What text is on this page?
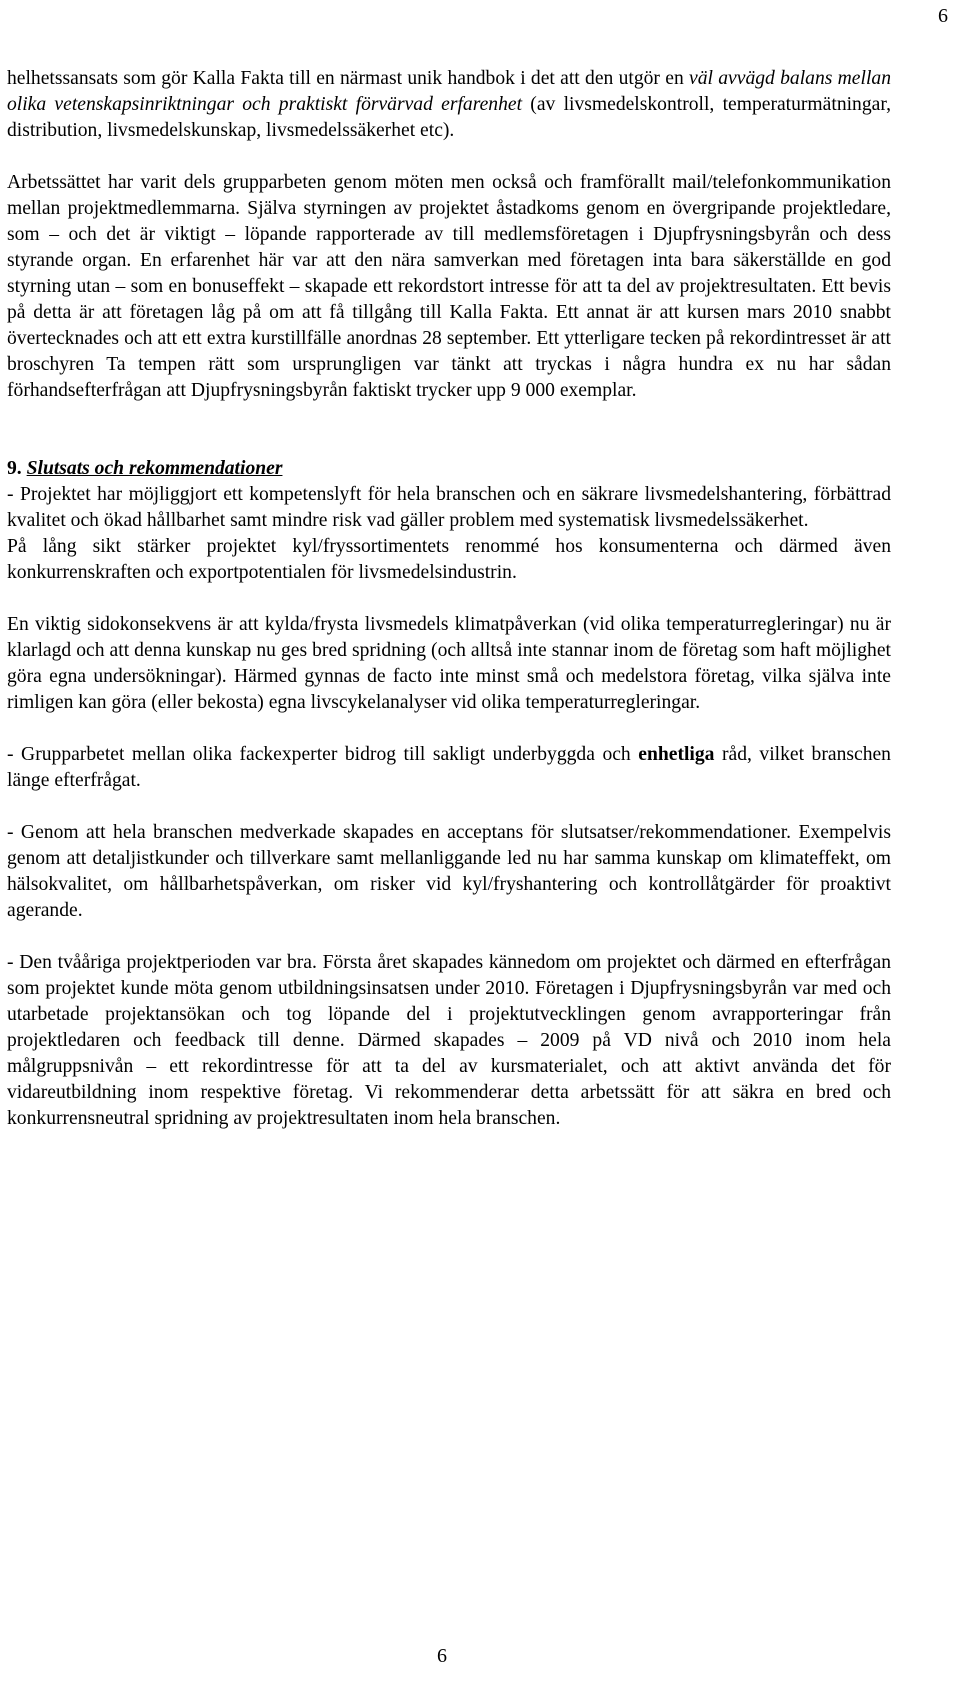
6

helhetssansats som gör Kalla Fakta till en närmast unik handbok i det att den utgör en väl avvägd balans mellan olika vetenskapsinriktningar och praktiskt förvärvad erfarenhet (av livsmedelskontroll, temperaturmätningar, distribution, livsmedelskunskap, livsmedelssäkerhet etc).

Arbetssättet har varit dels grupparbeten genom möten men också och framförallt mail/telefonkommunikation mellan projektmedlemmarna. Själva styrningen av projektet åstadkoms genom en övergripande projektledare, som – och det är viktigt – löpande rapporterade av till medlemsföretagen i Djupfrysningsbyrån och dess styrande organ. En erfarenhet här var att den nära samverkan med företagen inta bara säkerställde en god styrning utan – som en bonuseffekt – skapade ett rekordstort intresse för att ta del av projektresultaten. Ett bevis på detta är att företagen låg på om att få tillgång till Kalla Fakta. Ett annat är att kursen mars 2010 snabbt övertecknades och att ett extra kurstillfälle anordnas 28 september. Ett ytterligare tecken på rekordintresset är att broschyren Ta tempen rätt som ursprungligen var tänkt att tryckas i några hundra ex nu har sådan förhandsefterfrågan att Djupfrysningsbyrån faktiskt trycker upp 9 000 exemplar.

9. Slutsats och rekommendationer

- Projektet har möjliggjort ett kompetenslyft för hela branschen och en säkrare livsmedelshantering, förbättrad kvalitet och ökad hållbarhet samt mindre risk vad gäller problem med systematisk livsmedelssäkerhet.

På lång sikt stärker projektet kyl/fryssortimentets renommé hos konsumenterna och därmed även konkurrenskraften och exportpotentialen för livsmedelsindustrin.

En viktig sidokonsekvens är att kylda/frysta livsmedels klimatpåverkan (vid olika temperaturregleringar) nu är klarlagd och att denna kunskap nu ges bred spridning (och alltså inte stannar inom de företag som haft möjlighet göra egna undersökningar). Härmed gynnas de facto inte minst små och medelstora företag, vilka själva inte rimligen kan göra (eller bekosta) egna livscykelanalyser vid olika temperaturregleringar.

- Grupparbetet mellan olika fackexperter bidrog till sakligt underbyggda och enhetliga råd, vilket branschen länge efterfrågat.

- Genom att hela branschen medverkade skapades en acceptans för slutsatser/rekommendationer. Exempelvis genom att detaljistkunder och tillverkare samt mellanliggande led nu har samma kunskap om klimateffekt, om hälsokvalitet, om hållbarhetspåverkan, om risker vid kyl/fryshantering och kontrollåtgärder för proaktivt agerande.

- Den tvååriga projektperioden var bra. Första året skapades kännedom om projektet och därmed en efterfrågan som projektet kunde möta genom utbildningsinsatsen under 2010. Företagen i Djupfrysningsbyrån var med och utarbetade projektansökan och tog löpande del i projektutvecklingen genom avrapporteringar från projektledaren och feedback till denne. Därmed skapades – 2009 på VD nivå och 2010 inom hela målgruppsnivån – ett rekordintresse för att ta del av kursmaterialet, och att aktivt använda det för vidareutbildning inom respektive företag. Vi rekommenderar detta arbetssätt för att säkra en bred och konkurrensneutral spridning av projektresultaten inom hela branschen.

6
